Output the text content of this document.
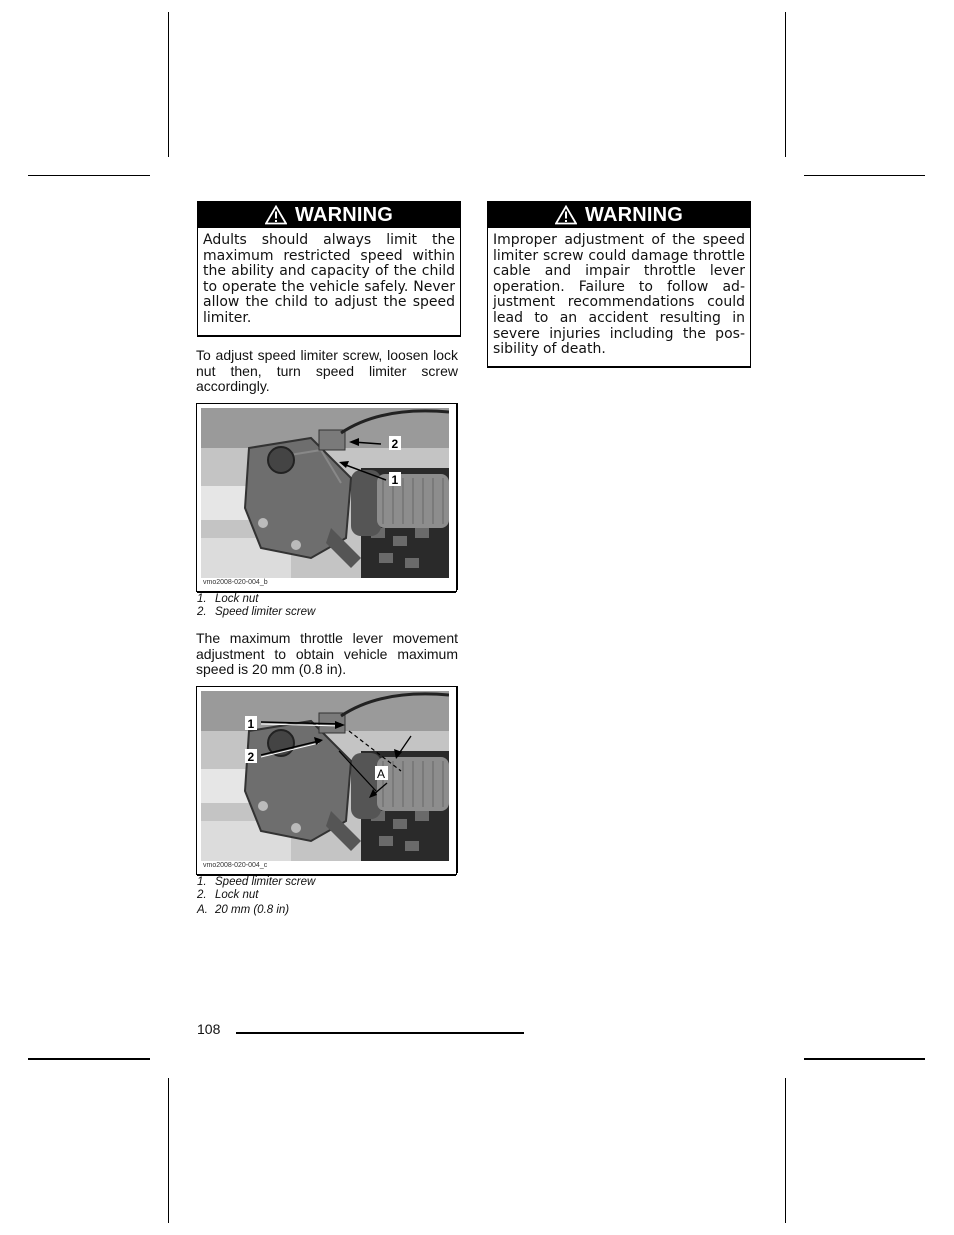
WARNING
Adults should always limit the maximum restricted speed within the ability and capacity of the child to operate the vehicle safely. Never allow the child to adjust the speed limiter.
WARNING
Improper adjustment of the speed limiter screw could damage throttle cable and impair throttle lever operation. Failure to follow adjustment recommendations could lead to an accident resulting in severe injuries including the possibility of death.
To adjust speed limiter screw, loosen lock nut then, turn speed limiter screw accordingly.
2
1
vmo2008-020-004_b
1. Lock nut
2. Speed limiter screw
The maximum throttle lever movement adjustment to obtain vehicle maximum speed is 20 mm (0.8 in).
1
2
A
vmo2008-020-004_c
1. Speed limiter screw
2. Lock nut
A. 20 mm (0.8 in)
108
